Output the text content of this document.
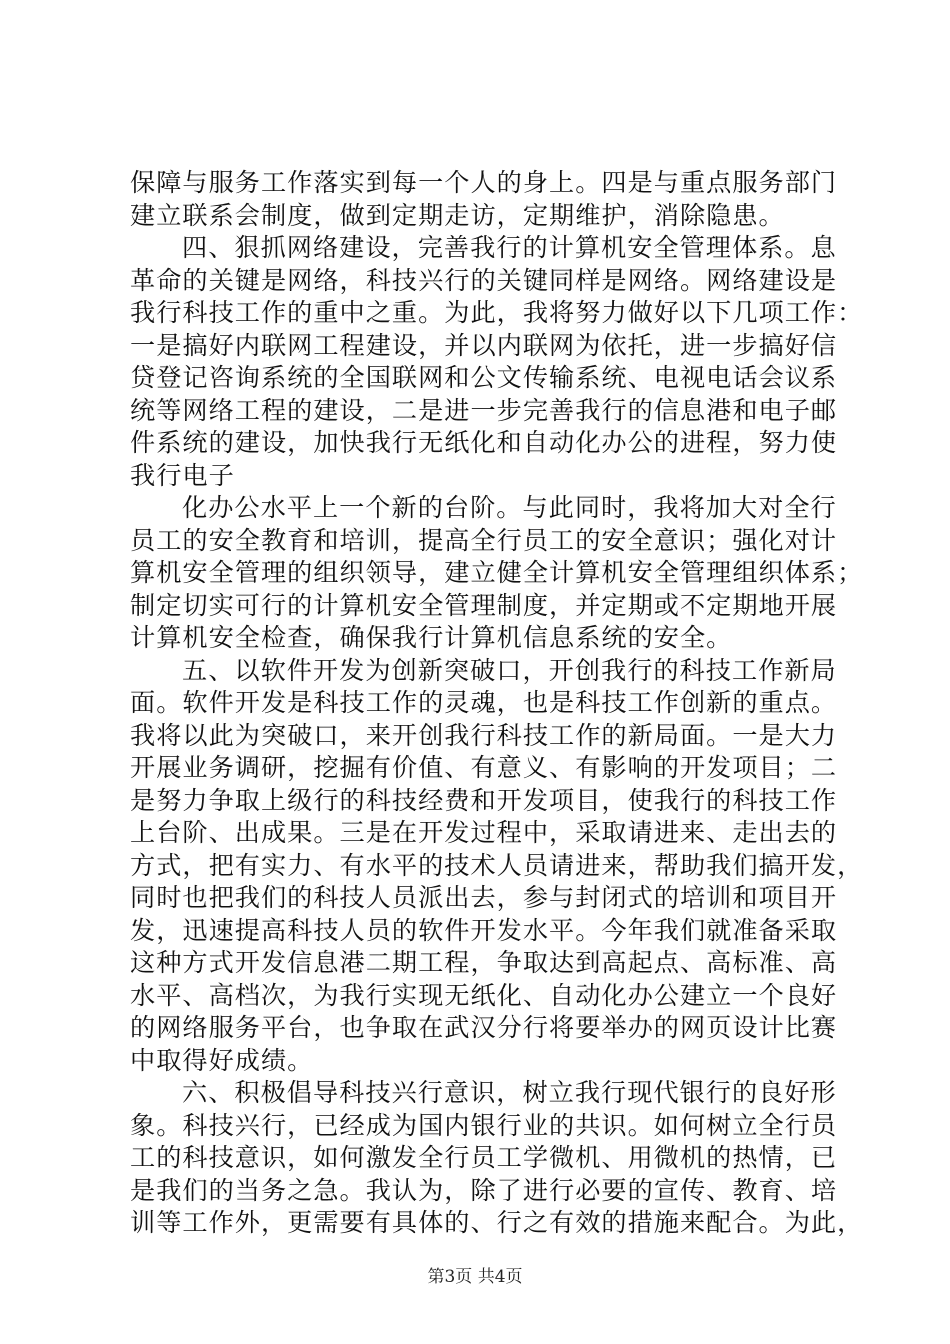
保障与服务工作落实到每一个人的身上。四是与重点服务部门
建立联系会制度，做到定期走访，定期维护，消除隐患。
四、狠抓网络建设，完善我行的计算机安全管理体系。息
革命的关键是网络，科技兴行的关键同样是网络。网络建设是
我行科技工作的重中之重。为此，我将努力做好以下几项工作：
一是搞好内联网工程建设，并以内联网为依托，进一步搞好信
贷登记咨询系统的全国联网和公文传输系统、电视电话会议系
统等网络工程的建设，二是进一步完善我行的信息港和电子邮
件系统的建设，加快我行无纸化和自动化办公的进程，努力使
我行电子
化办公水平上一个新的台阶。与此同时，我将加大对全行
员工的安全教育和培训，提高全行员工的安全意识；强化对计
算机安全管理的组织领导，建立健全计算机安全管理组织体系；
制定切实可行的计算机安全管理制度，并定期或不定期地开展
计算机安全检查，确保我行计算机信息系统的安全。
五、以软件开发为创新突破口，开创我行的科技工作新局
面。软件开发是科技工作的灵魂，也是科技工作创新的重点。
我将以此为突破口，来开创我行科技工作的新局面。一是大力
开展业务调研，挖掘有价值、有意义、有影响的开发项目；二
是努力争取上级行的科技经费和开发项目，使我行的科技工作
上台阶、出成果。三是在开发过程中，采取请进来、走出去的
方式，把有实力、有水平的技术人员请进来，帮助我们搞开发，
同时也把我们的科技人员派出去，参与封闭式的培训和项目开
发，迅速提高科技人员的软件开发水平。今年我们就准备采取
这种方式开发信息港二期工程，争取达到高起点、高标准、高
水平、高档次，为我行实现无纸化、自动化办公建立一个良好
的网络服务平台，也争取在武汉分行将要举办的网页设计比赛
中取得好成绩。
六、积极倡导科技兴行意识，树立我行现代银行的良好形
象。科技兴行，已经成为国内银行业的共识。如何树立全行员
工的科技意识，如何激发全行员工学微机、用微机的热情，已
是我们的当务之急。我认为，除了进行必要的宣传、教育、培
训等工作外，更需要有具体的、行之有效的措施来配合。为此，
第3页 共4页
